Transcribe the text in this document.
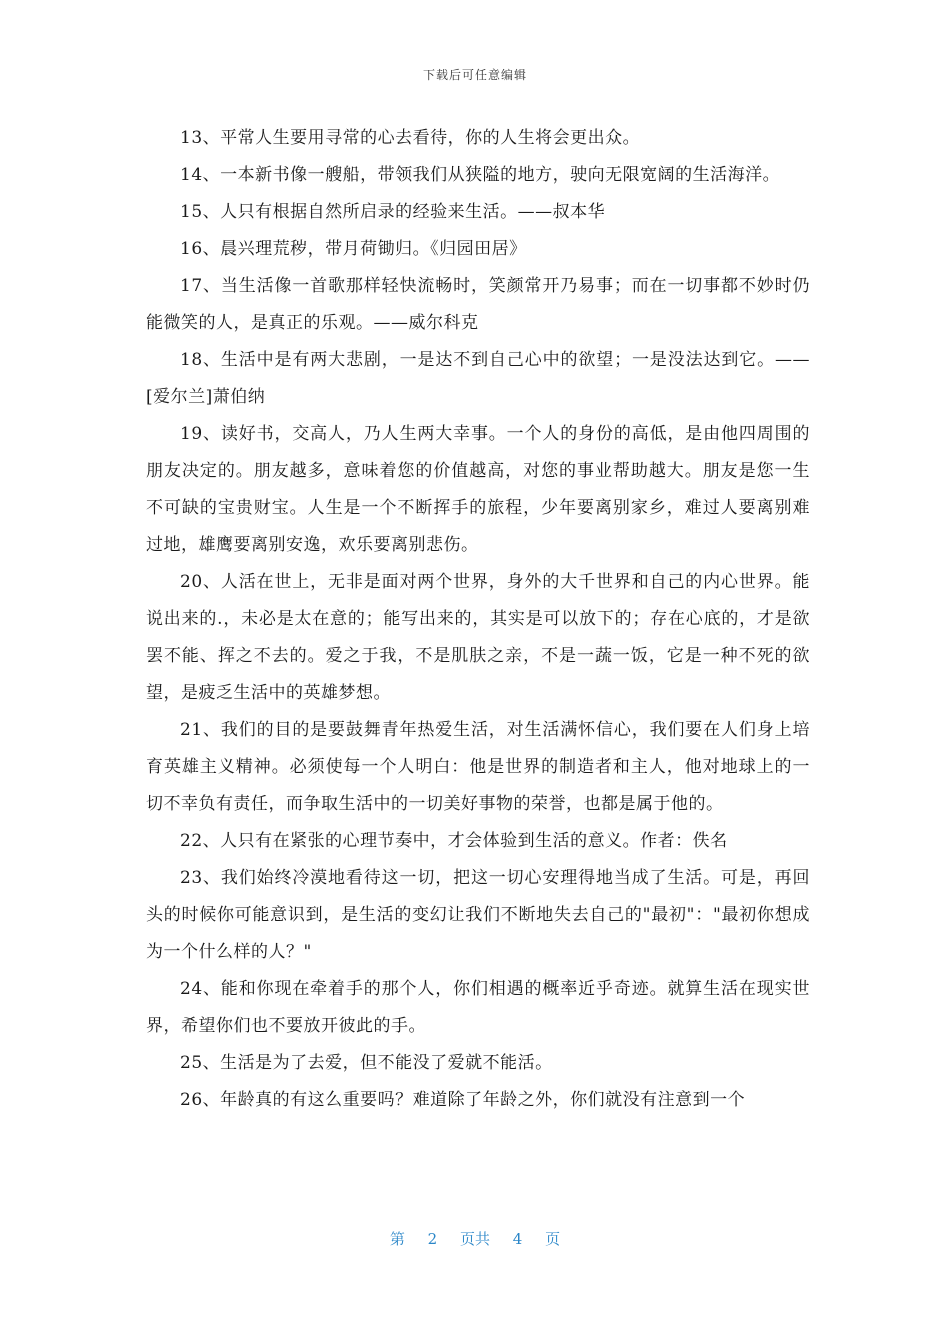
下载后可任意编辑

13、平常人生要用寻常的心去看待，你的人生将会更出众。

14、一本新书像一艘船，带领我们从狭隘的地方，驶向无限宽阔的生活海洋。

15、人只有根据自然所启录的经验来生活。——叔本华

16、晨兴理荒秽，带月荷锄归。《归园田居》

17、当生活像一首歌那样轻快流畅时，笑颜常开乃易事；而在一切事都不妙时仍能微笑的人，是真正的乐观。——威尔科克

18、生活中是有两大悲剧，一是达不到自己心中的欲望；一是没法达到它。——[爱尔兰]萧伯纳

19、读好书，交高人，乃人生两大幸事。一个人的身份的高低，是由他四周围的朋友决定的。朋友越多，意味着您的价值越高，对您的事业帮助越大。朋友是您一生不可缺的宝贵财宝。人生是一个不断挥手的旅程，少年要离别家乡，难过人要离别难过地，雄鹰要离别安逸，欢乐要离别悲伤。

20、人活在世上，无非是面对两个世界，身外的大千世界和自己的内心世界。能说出来的.，未必是太在意的；能写出来的，其实是可以放下的；存在心底的，才是欲罢不能、挥之不去的。爱之于我，不是肌肤之亲，不是一蔬一饭，它是一种不死的欲望，是疲乏生活中的英雄梦想。

21、我们的目的是要鼓舞青年热爱生活，对生活满怀信心，我们要在人们身上培育英雄主义精神。必须使每一个人明白：他是世界的制造者和主人，他对地球上的一切不幸负有责任，而争取生活中的一切美好事物的荣誉，也都是属于他的。

22、人只有在紧张的心理节奏中，才会体验到生活的意义。作者：佚名

23、我们始终冷漠地看待这一切，把这一切心安理得地当成了生活。可是，再回头的时候你可能意识到，是生活的变幻让我们不断地失去自己的"最初"："最初你想成为一个什么样的人？"

24、能和你现在牵着手的那个人，你们相遇的概率近乎奇迹。就算生活在现实世界，希望你们也不要放开彼此的手。

25、生活是为了去爱，但不能没了爱就不能活。

26、年龄真的有这么重要吗？难道除了年龄之外，你们就没有注意到一个

第 2 页共 4 页
